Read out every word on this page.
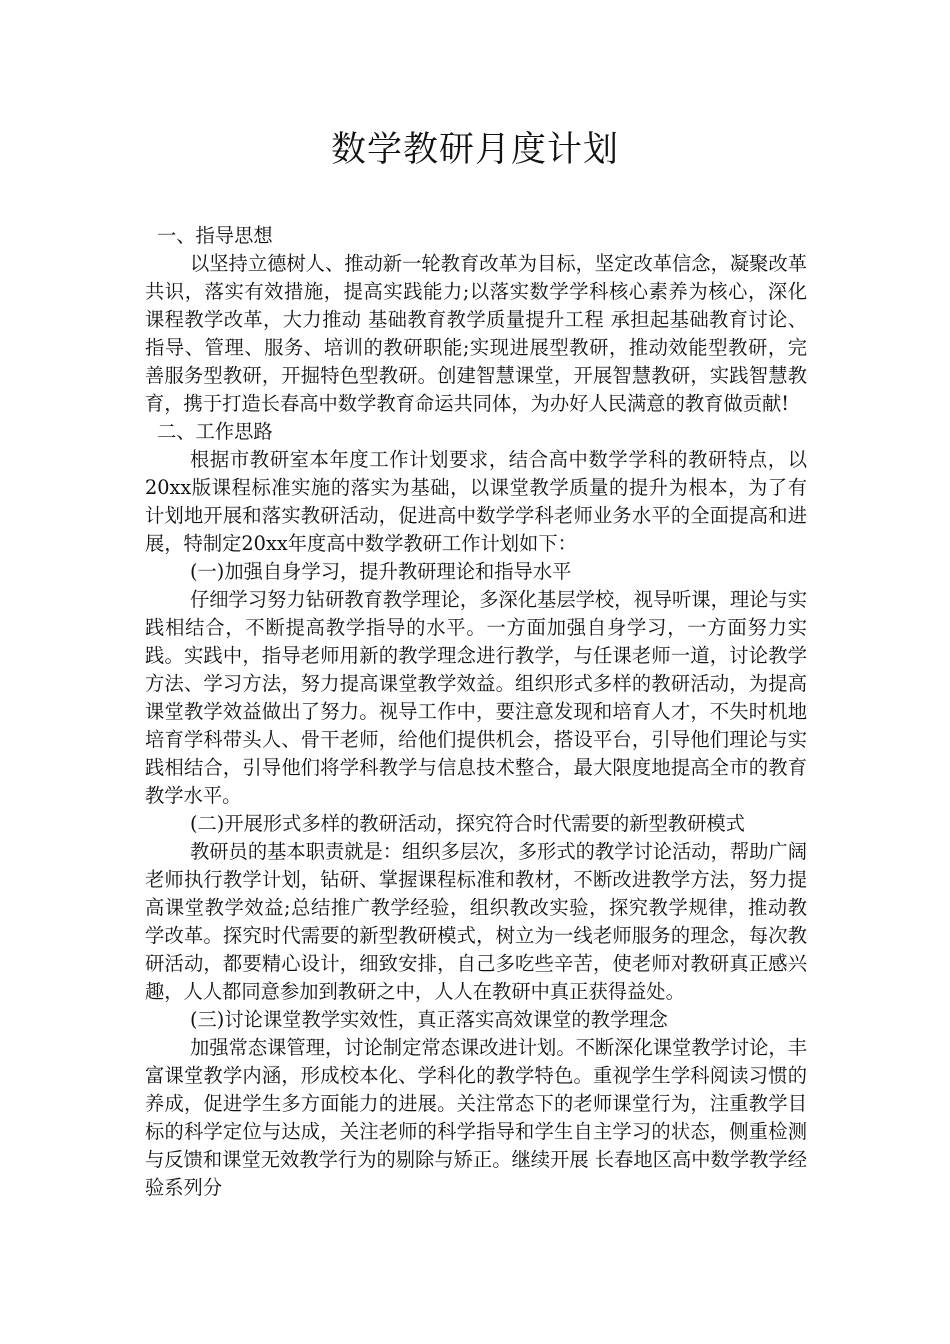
数学教研月度计划

一、指导思想

以坚持立德树人、推动新一轮教育改革为目标，坚定改革信念，凝聚改革共识，落实有效措施，提高实践能力;以落实数学学科核心素养为核心，深化课程教学改革，大力推动 基础教育教学质量提升工程 承担起基础教育讨论、指导、管理、服务、培训的教研职能;实现进展型教研，推动效能型教研，完善服务型教研，开掘特色型教研。创建智慧课堂，开展智慧教研，实践智慧教育，携于打造长春高中数学教育命运共同体，为办好人民满意的教育做贡献!

二、工作思路

根据市教研室本年度工作计划要求，结合高中数学学科的教研特点，以20xx版课程标准实施的落实为基础，以课堂教学质量的提升为根本，为了有计划地开展和落实教研活动，促进高中数学学科老师业务水平的全面提高和进展，特制定20xx年度高中数学教研工作计划如下：

(一)加强自身学习，提升教研理论和指导水平

仔细学习努力钻研教育教学理论，多深化基层学校，视导听课，理论与实践相结合，不断提高教学指导的水平。一方面加强自身学习，一方面努力实践。实践中，指导老师用新的教学理念进行教学，与任课老师一道，讨论教学方法、学习方法，努力提高课堂教学效益。组织形式多样的教研活动，为提高课堂教学效益做出了努力。视导工作中，要注意发现和培育人才，不失时机地培育学科带头人、骨干老师，给他们提供机会，搭设平台，引导他们理论与实践相结合，引导他们将学科教学与信息技术整合，最大限度地提高全市的教育教学水平。

(二)开展形式多样的教研活动，探究符合时代需要的新型教研模式

教研员的基本职责就是：组织多层次，多形式的教学讨论活动，帮助广阔老师执行教学计划，钻研、掌握课程标准和教材，不断改进教学方法，努力提高课堂教学效益;总结推广教学经验，组织教改实验，探究教学规律，推动教学改革。探究时代需要的新型教研模式，树立为一线老师服务的理念，每次教研活动，都要精心设计，细致安排，自己多吃些辛苦，使老师对教研真正感兴趣，人人都同意参加到教研之中，人人在教研中真正获得益处。

(三)讨论课堂教学实效性，真正落实高效课堂的教学理念

加强常态课管理，讨论制定常态课改进计划。不断深化课堂教学讨论，丰富课堂教学内涵，形成校本化、学科化的教学特色。重视学生学科阅读习惯的养成，促进学生多方面能力的进展。关注常态下的老师课堂行为，注重教学目标的科学定位与达成，关注老师的科学指导和学生自主学习的状态，侧重检测与反馈和课堂无效教学行为的剔除与矫正。继续开展 长春地区高中数学教学经验系列分
